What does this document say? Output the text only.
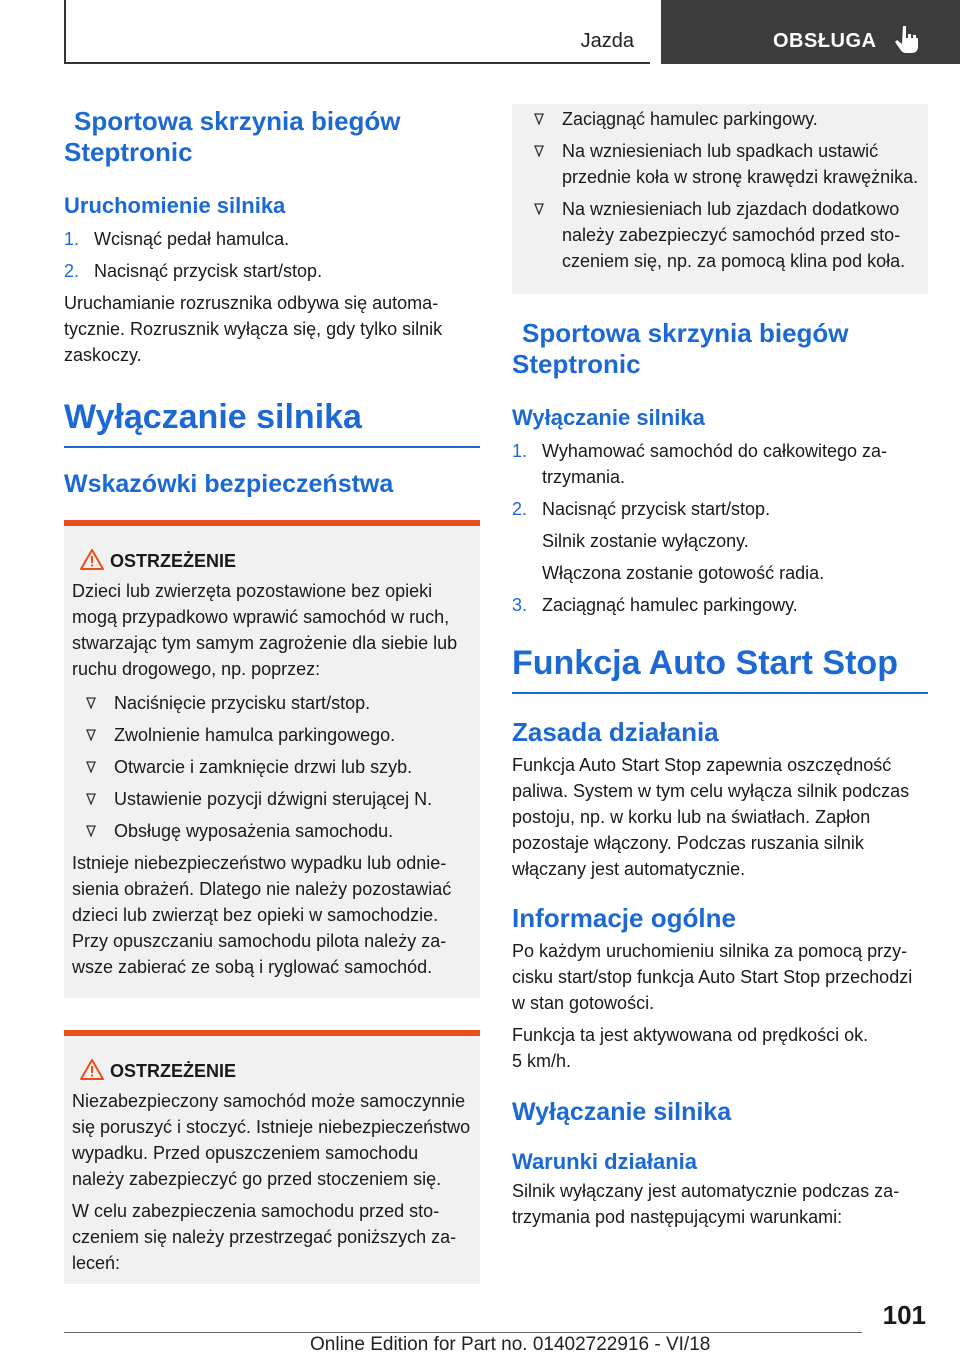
Jazda	OBSŁUGA
Sportowa skrzynia biegów
Steptronic
Uruchomienie silnika
1. Wcisnąć pedał hamulca.
2. Nacisnąć przycisk start/stop.

Uruchamianie rozrusznika odbywa się automatycznie. Rozrusznik wyłącza się, gdy tylko silnik zaskoczy.

Wyłączanie silnika
Wskazówki bezpieczeństwa
OSTRZEŻENIE

Dzieci lub zwierzęta pozostawione bez opieki mogą przypadkowo wprawić samochód w ruch, stwarzając tym samym zagrożenie dla siebie lub ruchu drogowego, np. poprzez:

Naciśnięcie przycisku start/stop.
Zwolnienie hamulca parkingowego.
Otwarcie i zamknięcie drzwi lub szyb.
Ustawienie pozycji dźwigni sterującej N.
Obsługę wyposażenia samochodu.

Istnieje niebezpieczeństwo wypadku lub odniesienia obrażeń. Dlatego nie należy pozostawiać dzieci lub zwierząt bez opieki w samochodzie. Przy opuszczaniu samochodu pilota należy zawsze zabierać ze sobą i ryglować samochód.

OSTRZEŻENIE

Niezabezpieczony samochód może samoczynnie się poruszyć i stoczyć. Istnieje niebezpieczeństwo wypadku. Przed opuszczeniem samochodu należy zabezpieczyć go przed stoczeniem się.

W celu zabezpieczenia samochodu przed stoczeniem się należy przestrzegać poniższych zaleceń:

Zaciągnąć hamulec parkingowy.
Na wzniesieniach lub spadkach ustawić przednie koła w stronę krawędzi krawężnika.
Na wzniesieniach lub zjazdach dodatkowo należy zabezpieczyć samochód przed stoczeniem się, np. za pomocą klina pod koła.
Sportowa skrzynia biegów
Steptronic
Wyłączanie silnika
1. Wyhamować samochód do całkowitego zatrzymania.
2. Nacisnąć przycisk start/stop.
Silnik zostanie wyłączony.
Włączona zostanie gotowość radia.
3. Zaciągnąć hamulec parkingowy.
Funkcja Auto Start Stop
Zasada działania

Funkcja Auto Start Stop zapewnia oszczędność paliwa. System w tym celu wyłącza silnik podczas postoju, np. w korku lub na światłach. Zapłon pozostaje włączony. Podczas ruszania silnik włączany jest automatycznie.

Informacje ogólne

Po każdym uruchomieniu silnika za pomocą przycisku start/stop funkcja Auto Start Stop przechodzi w stan gotowości.

Funkcja ta jest aktywowana od prędkości ok. 5 km/h.

Wyłączanie silnika
Warunki działania

Silnik wyłączany jest automatycznie podczas zatrzymania pod następującymi warunkami:

101
Online Edition for Part no. 01402722916 - VI/18
